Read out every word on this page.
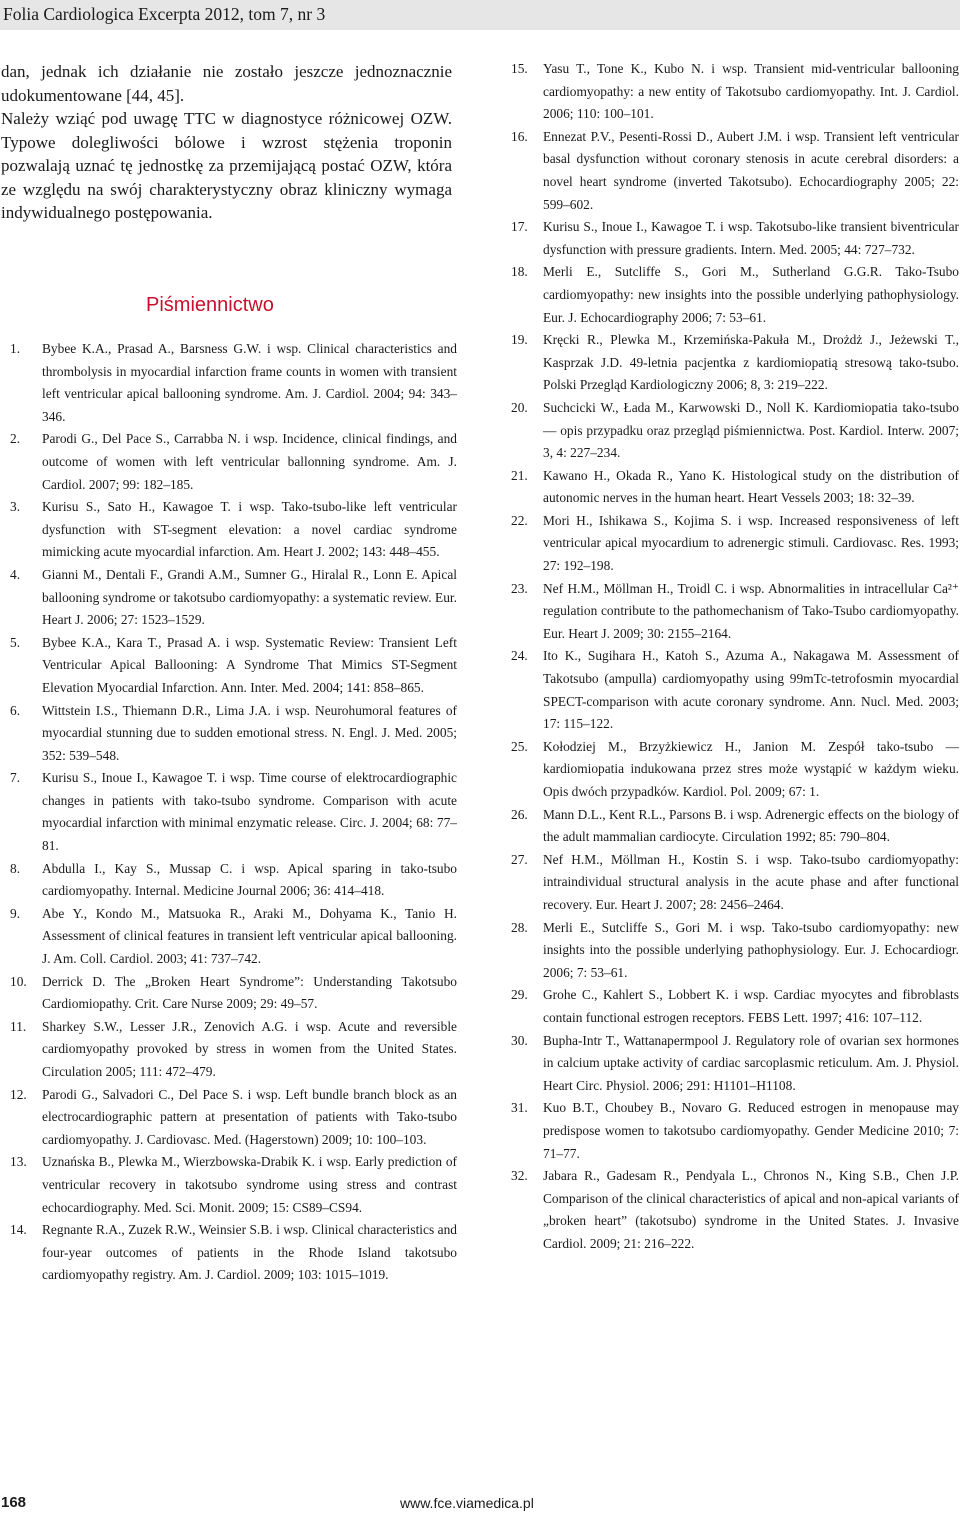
Folia Cardiologica Excerpta 2012, tom 7, nr 3

dan, jednak ich działanie nie zostało jeszcze jednoznacznie udokumentowane [44, 45].

Należy wziąć pod uwagę TTC w diagnostyce różnicowej OZW. Typowe dolegliwości bólowe i wzrost stężenia troponin pozwalają uznać tę jednostkę za przemijającą postać OZW, która ze względu na swój charakterystyczny obraz kliniczny wymaga indywidualnego postępowania.

Piśmiennictwo
1. Bybee K.A., Prasad A., Barsness G.W. i wsp. Clinical characteristics and thrombolysis in myocardial infarction frame counts in women with transient left ventricular apical ballooning syndrome. Am. J. Cardiol. 2004; 94: 343–346.
2. Parodi G., Del Pace S., Carrabba N. i wsp. Incidence, clinical findings, and outcome of women with left ventricular ballonning syndrome. Am. J. Cardiol. 2007; 99: 182–185.
3. Kurisu S., Sato H., Kawagoe T. i wsp. Tako-tsubo-like left ventricular dysfunction with ST-segment elevation: a novel cardiac syndrome mimicking acute myocardial infarction. Am. Heart J. 2002; 143: 448–455.
4. Gianni M., Dentali F., Grandi A.M., Sumner G., Hiralal R., Lonn E. Apical ballooning syndrome or takotsubo cardiomyopathy: a systematic review. Eur. Heart J. 2006; 27: 1523–1529.
5. Bybee K.A., Kara T., Prasad A. i wsp. Systematic Review: Transient Left Ventricular Apical Ballooning: A Syndrome That Mimics ST-Segment Elevation Myocardial Infarction. Ann. Inter. Med. 2004; 141: 858–865.
6. Wittstein I.S., Thiemann D.R., Lima J.A. i wsp. Neurohumoral features of myocardial stunning due to sudden emotional stress. N. Engl. J. Med. 2005; 352: 539–548.
7. Kurisu S., Inoue I., Kawagoe T. i wsp. Time course of elektrocardiographic changes in patients with tako-tsubo syndrome. Comparison with acute myocardial infarction with minimal enzymatic release. Circ. J. 2004; 68: 77–81.
8. Abdulla I., Kay S., Mussap C. i wsp. Apical sparing in tako-tsubo cardiomyopathy. Internal. Medicine Journal 2006; 36: 414–418.
9. Abe Y., Kondo M., Matsuoka R., Araki M., Dohyama K., Tanio H. Assessment of clinical features in transient left ventricular apical ballooning. J. Am. Coll. Cardiol. 2003; 41: 737–742.
10. Derrick D. The „Broken Heart Syndrome”: Understanding Takotsubo Cardiomiopathy. Crit. Care Nurse 2009; 29: 49–57.
11. Sharkey S.W., Lesser J.R., Zenovich A.G. i wsp. Acute and reversible cardiomyopathy provoked by stress in women from the United States. Circulation 2005; 111: 472–479.
12. Parodi G., Salvadori C., Del Pace S. i wsp. Left bundle branch block as an electrocardiographic pattern at presentation of patients with Tako-tsubo cardiomyopathy. J. Cardiovasc. Med. (Hagerstown) 2009; 10: 100–103.
13. Uznańska B., Plewka M., Wierzbowska-Drabik K. i wsp. Early prediction of ventricular recovery in takotsubo syndrome using stress and contrast echocardiography. Med. Sci. Monit. 2009; 15: CS89–CS94.
14. Regnante R.A., Zuzek R.W., Weinsier S.B. i wsp. Clinical characteristics and four-year outcomes of patients in the Rhode Island takotsubo cardiomyopathy registry. Am. J. Cardiol. 2009; 103: 1015–1019.
15. Yasu T., Tone K., Kubo N. i wsp. Transient mid-ventricular ballooning cardiomyopathy: a new entity of Takotsubo cardiomyopathy. Int. J. Cardiol. 2006; 110: 100–101.
16. Ennezat P.V., Pesenti-Rossi D., Aubert J.M. i wsp. Transient left ventricular basal dysfunction without coronary stenosis in acute cerebral disorders: a novel heart syndrome (inverted Takotsubo). Echocardiography 2005; 22: 599–602.
17. Kurisu S., Inoue I., Kawagoe T. i wsp. Takotsubo-like transient biventricular dysfunction with pressure gradients. Intern. Med. 2005; 44: 727–732.
18. Merli E., Sutcliffe S., Gori M., Sutherland G.G.R. Tako-Tsubo cardiomyopathy: new insights into the possible underlying pathophysiology. Eur. J. Echocardiography 2006; 7: 53–61.
19. Kręcki R., Plewka M., Krzemińska-Pakuła M., Drożdż J., Jeżewski T., Kasprzak J.D. 49-letnia pacjentka z kardiomiopatią stresową tako-tsubo. Polski Przegląd Kardiologiczny 2006; 8, 3: 219–222.
20. Suchcicki W., Łada M., Karwowski D., Noll K. Kardiomiopatia tako-tsubo — opis przypadku oraz przegląd piśmiennictwa. Post. Kardiol. Interw. 2007; 3, 4: 227–234.
21. Kawano H., Okada R., Yano K. Histological study on the distribution of autonomic nerves in the human heart. Heart Vessels 2003; 18: 32–39.
22. Mori H., Ishikawa S., Kojima S. i wsp. Increased responsiveness of left ventricular apical myocardium to adrenergic stimuli. Cardiovasc. Res. 1993; 27: 192–198.
23. Nef H.M., Möllman H., Troidl C. i wsp. Abnormalities in intracellular Ca²⁺ regulation contribute to the pathomechanism of Tako-Tsubo cardiomyopathy. Eur. Heart J. 2009; 30: 2155–2164.
24. Ito K., Sugihara H., Katoh S., Azuma A., Nakagawa M. Assessment of Takotsubo (ampulla) cardiomyopathy using 99mTc-tetrofosmin myocardial SPECT-comparison with acute coronary syndrome. Ann. Nucl. Med. 2003; 17: 115–122.
25. Kołodziej M., Brzyżkiewicz H., Janion M. Zespół tako-tsubo — kardiomiopatia indukowana przez stres może wystąpić w każdym wieku. Opis dwóch przypadków. Kardiol. Pol. 2009; 67: 1.
26. Mann D.L., Kent R.L., Parsons B. i wsp. Adrenergic effects on the biology of the adult mammalian cardiocyte. Circulation 1992; 85: 790–804.
27. Nef H.M., Möllman H., Kostin S. i wsp. Tako-tsubo cardiomyopathy: intraindividual structural analysis in the acute phase and after functional recovery. Eur. Heart J. 2007; 28: 2456–2464.
28. Merli E., Sutcliffe S., Gori M. i wsp. Tako-tsubo cardiomyopathy: new insights into the possible underlying pathophysiology. Eur. J. Echocardiogr. 2006; 7: 53–61.
29. Grohe C., Kahlert S., Lobbert K. i wsp. Cardiac myocytes and fibroblasts contain functional estrogen receptors. FEBS Lett. 1997; 416: 107–112.
30. Bupha-Intr T., Wattanapermpool J. Regulatory role of ovarian sex hormones in calcium uptake activity of cardiac sarcoplasmic reticulum. Am. J. Physiol. Heart Circ. Physiol. 2006; 291: H1101–H1108.
31. Kuo B.T., Choubey B., Novaro G. Reduced estrogen in menopause may predispose women to takotsubo cardiomyopathy. Gender Medicine 2010; 7: 71–77.
32. Jabara R., Gadesam R., Pendyala L., Chronos N., King S.B., Chen J.P. Comparison of the clinical characteristics of apical and non-apical variants of „broken heart” (takotsubo) syndrome in the United States. J. Invasive Cardiol. 2009; 21: 216–222.
168	www.fce.viamedica.pl
